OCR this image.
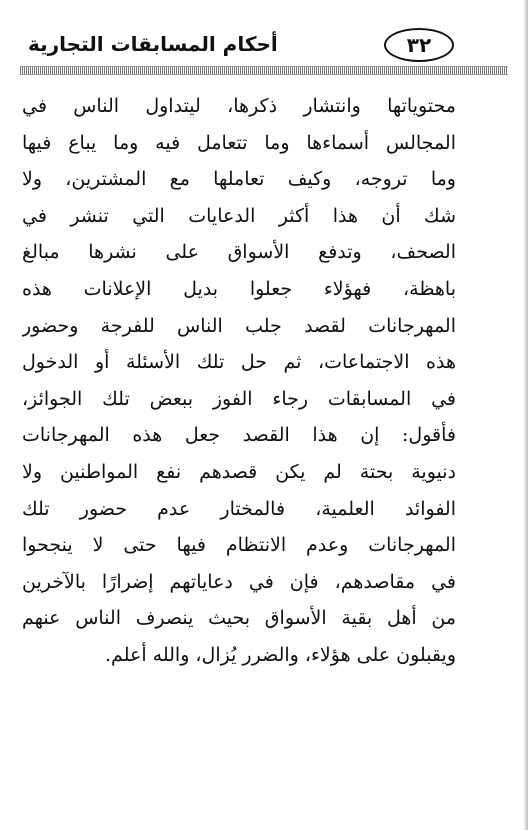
أحكام المسابقات التجارية	٣٢
محتوياتها وانتشار ذكرها، ليتداول الناس في
المجالس أسماءها وما تتعامل فيه وما يباع فيها
وما تروجه، وكيف تعاملها مع المشترين، ولا
شك أن هذا أكثر الدعايات التي تنشر في
الصحف، وتدفع الأسواق على نشرها مبالغ
باهظة، فهؤلاء جعلوا بديل الإعلانات هذه
المهرجانات لقصد جلب الناس للفرجة وحضور
هذه الاجتماعات، ثم حل تلك الأسئلة أو الدخول
في المسابقات رجاء الفوز ببعض تلك الجوائز،
فأقول: إن هذا القصد جعل هذه المهرجانات
دنيوية بحتة لم يكن قصدهم نفع المواطنين ولا
الفوائد العلمية، فالمختار عدم حضور تلك
المهرجانات وعدم الانتظام فيها حتى لا ينجحوا
في مقاصدهم، فإن في دعاياتهم إضرارًا بالآخرين
من أهل بقية الأسواق بحيث ينصرف الناس عنهم
ويقبلون على هؤلاء، والضرر يُزال، والله أعلم.
